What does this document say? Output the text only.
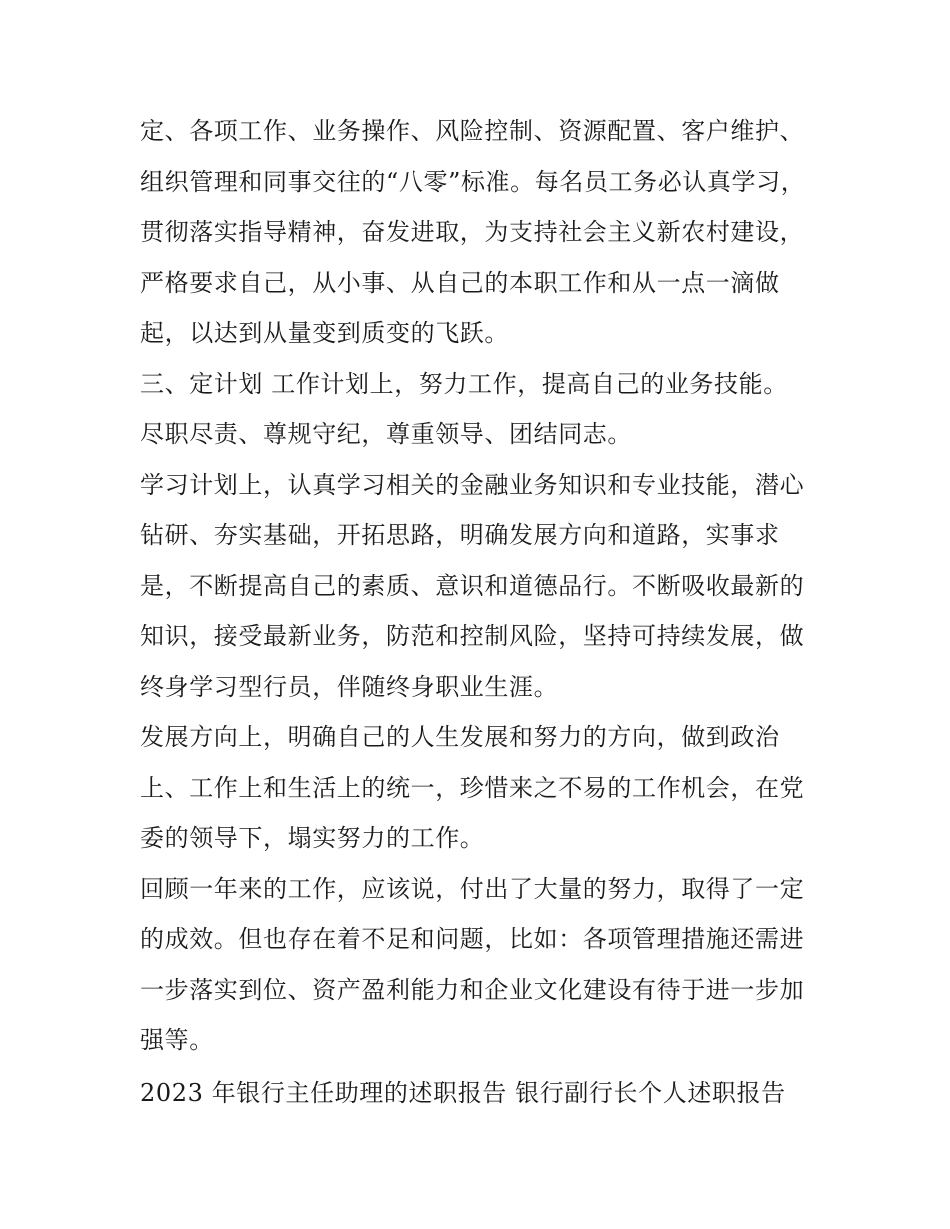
定、各项工作、业务操作、风险控制、资源配置、客户维护、
组织管理和同事交往的“八零”标准。每名员工务必认真学习，
贯彻落实指导精神，奋发进取，为支持社会主义新农村建设，
严格要求自己，从小事、从自己的本职工作和从一点一滴做
起，以达到从量变到质变的飞跃。
三、定计划 工作计划上，努力工作，提高自己的业务技能。
尽职尽责、尊规守纪，尊重领导、团结同志。
学习计划上，认真学习相关的金融业务知识和专业技能，潜心
钻研、夯实基础，开拓思路，明确发展方向和道路，实事求
是，不断提高自己的素质、意识和道德品行。不断吸收最新的
知识，接受最新业务，防范和控制风险，坚持可持续发展，做
终身学习型行员，伴随终身职业生涯。
发展方向上，明确自己的人生发展和努力的方向，做到政治
上、工作上和生活上的统一，珍惜来之不易的工作机会，在党
委的领导下，塌实努力的工作。
回顾一年来的工作，应该说，付出了大量的努力，取得了一定
的成效。但也存在着不足和问题，比如：各项管理措施还需进
一步落实到位、资产盈利能力和企业文化建设有待于进一步加
强等。
2023 年银行主任助理的述职报告 银行副行长个人述职报告
